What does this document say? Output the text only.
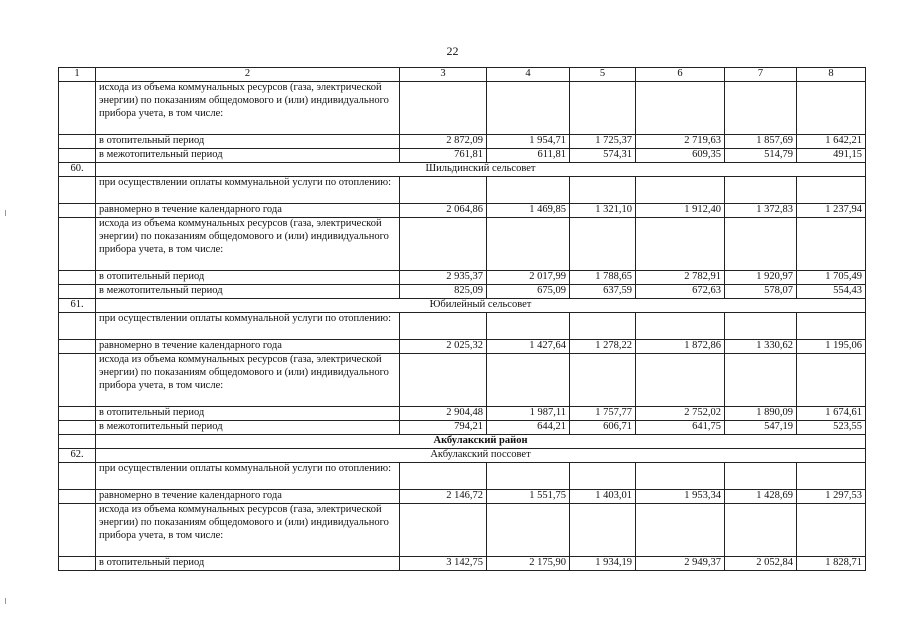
22
1	2	3	4	5	6	7	8
	исхода из объема коммунальных ресурсов (газа, электрической энергии) по показаниям общедомового и (или) индивидуального прибора учета, в том числе:						
	в отопительный период	2 872,09	1 954,71	1 725,37	2 719,63	1 857,69	1 642,21
	в межотопительный период	761,81	611,81	574,31	609,35	514,79	491,15
60.	Шильдинский сельсовет						
	при осуществлении оплаты коммунальной услуги по отоплению:						
	равномерно в течение календарного года	2 064,86	1 469,85	1 321,10	1 912,40	1 372,83	1 237,94
	исхода из объема коммунальных ресурсов (газа, электрической энергии) по показаниям общедомового и (или) индивидуального прибора учета, в том числе:						
	в отопительный период	2 935,37	2 017,99	1 788,65	2 782,91	1 920,97	1 705,49
	в межотопительный период	825,09	675,09	637,59	672,63	578,07	554,43
61.	Юбилейный сельсовет						
	при осуществлении оплаты коммунальной услуги по отоплению:						
	равномерно в течение календарного года	2 025,32	1 427,64	1 278,22	1 872,86	1 330,62	1 195,06
	исхода из объема коммунальных ресурсов (газа, электрической энергии) по показаниям общедомового и (или) индивидуального прибора учета, в том числе:						
	в отопительный период	2 904,48	1 987,11	1 757,77	2 752,02	1 890,09	1 674,61
	в межотопительный период	794,21	644,21	606,71	641,75	547,19	523,55
	Акбулакский район						
62.	Акбулакский поссовет						
	при осуществлении оплаты коммунальной услуги по отоплению:						
	равномерно в течение календарного года	2 146,72	1 551,75	1 403,01	1 953,34	1 428,69	1 297,53
	исхода из объема коммунальных ресурсов (газа, электрической энергии) по показаниям общедомового и (или) индивидуального прибора учета, в том числе:						
	в отопительный период	3 142,75	2 175,90	1 934,19	2 949,37	2 052,84	1 828,71
